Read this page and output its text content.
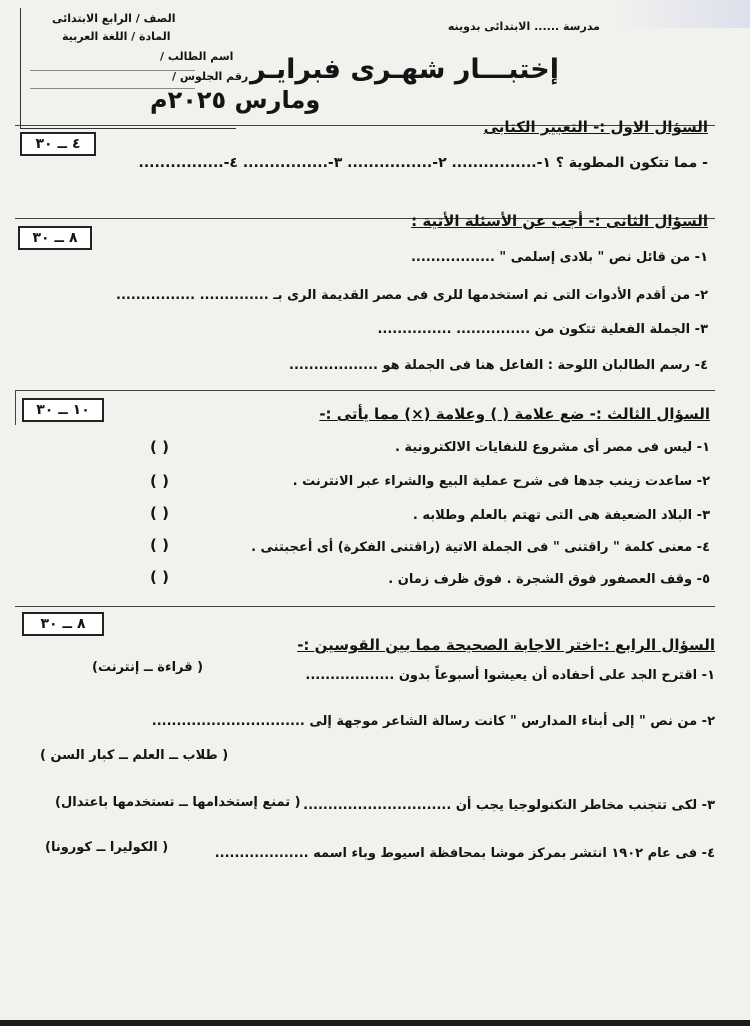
مدرسة ...... الابتدائى بدوينه
الصف / الرابع الابتدائى
المادة / اللغة العربية
اسم الطالب /
رقم الجلوس / إختبـــار شهـرى فبرايـر
ومارس ٢٠٢٥م
٤ ــ ٣٠
السؤال الاول :- التعبير الكتابى
- مما تتكون المطوية ؟ ١-................ ٢-................ ٣-................ ٤-................
٨ ــ ٣٠
السؤال الثانى :- أجب عن الأسئلة الأتية :
١- من قائل نص " بلادى إسلمى " .................
٢- من أقدم الأدوات التى تم استخدمها للرى فى مصر القديمة الرى بـ .............. ................
٣- الجملة الفعلية تتكون من ............... ...............
٤- رسم الطالبان اللوحة : الفاعل هنا فى الجملة هو ..................
١٠ ــ ٣٠	السؤال الثالث :- ضع علامة ( ) وعلامة (×) مما يأتى :-
١- ليس فى مصر أى مشروع للنفايات الالكترونية .
( )
٢- ساعدت زينب جدها فى شرح عملية البيع والشراء عبر الانترنت .
( )
٣- البلاد الضعيفة هى التى تهتم بالعلم وطلابه .
( )
٤- معنى كلمة " راقتنى " فى الجملة الاتية (راقتنى الفكرة) أى أعجبتنى .
( )
٥- وقف العصفور فوق الشجرة . فوق ظرف زمان .
( )
٨ ــ ٣٠
السؤال الرابع :-اختر الاجابة الصحيحة مما بين القوسين :-
١- اقترح الجد على أحفاده أن يعيشوا أسبوعاً بدون ..................
(قراءة ــ إنترنت )
٢- من نص " إلى أبناء المدارس " كانت رسالة الشاعر موجهة إلى ...............................
( طلاب ــ العلم ــ كبار السن )
٣- لكى تتجنب مخاطر التكنولوجيا يجب أن ..............................
(تمنع إستخدامها ــ تستخدمها باعتدال )
٤- فى عام ١٩٠٢ انتشر بمركز موشا بمحافظة اسيوط وباء اسمه ...................
(الكوليرا ــ كورونا )
